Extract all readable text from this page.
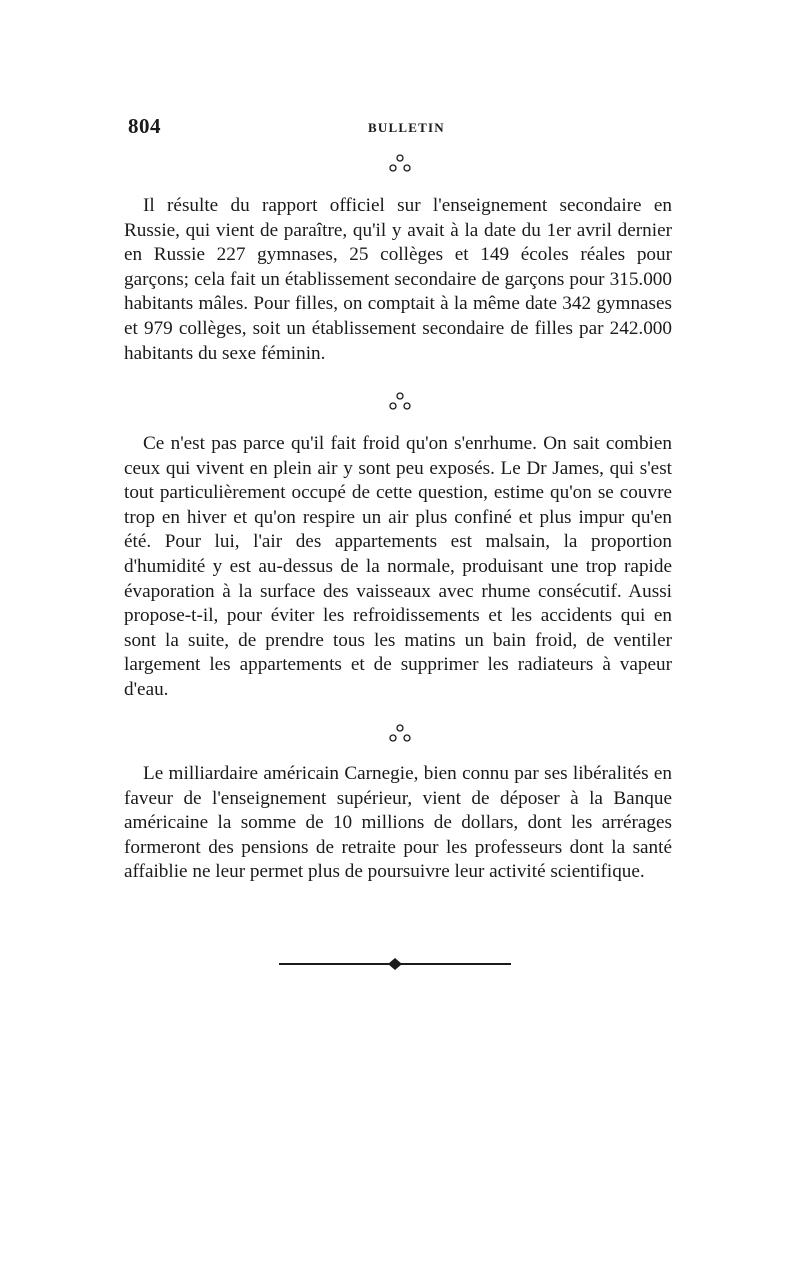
804	BULLETIN

Il résulte du rapport officiel sur l'enseignement secondaire en Russie, qui vient de paraître, qu'il y avait à la date du 1er avril dernier en Russie 227 gymnases, 25 collèges et 149 écoles réales pour garçons; cela fait un établissement secondaire de garçons pour 315.000 habitants mâles. Pour filles, on comptait à la même date 342 gymnases et 979 collèges, soit un établissement secondaire de filles par 242.000 habitants du sexe féminin.

Ce n'est pas parce qu'il fait froid qu'on s'enrhume. On sait combien ceux qui vivent en plein air y sont peu exposés. Le Dr James, qui s'est tout particulièrement occupé de cette question, estime qu'on se couvre trop en hiver et qu'on respire un air plus confiné et plus impur qu'en été. Pour lui, l'air des appartements est malsain, la proportion d'humidité y est au-dessus de la normale, produisant une trop rapide évaporation à la surface des vaisseaux avec rhume consécutif. Aussi propose-t-il, pour éviter les refroidissements et les accidents qui en sont la suite, de prendre tous les matins un bain froid, de ventiler largement les appartements et de supprimer les radiateurs à vapeur d'eau.

Le milliardaire américain Carnegie, bien connu par ses libéralités en faveur de l'enseignement supérieur, vient de déposer à la Banque américaine la somme de 10 millions de dollars, dont les arrérages formeront des pensions de retraite pour les professeurs dont la santé affaiblie ne leur permet plus de poursuivre leur activité scientifique.
